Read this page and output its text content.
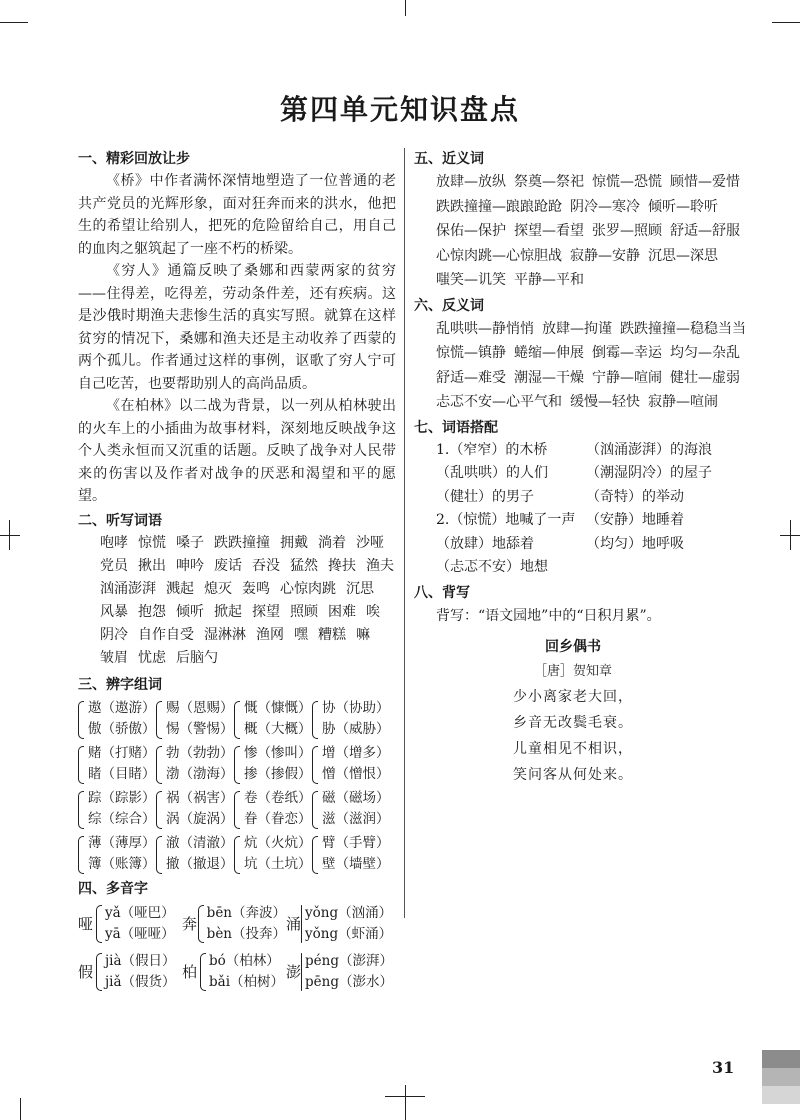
第四单元知识盘点
一、精彩回放让步

《桥》中作者满怀深情地塑造了一位普通的老共产党员的光辉形象，面对狂奔而来的洪水，他把生的希望让给别人，把死的危险留给自己，用自己的血肉之躯筑起了一座不朽的桥梁。

《穷人》通篇反映了桑娜和西蒙两家的贫穷——住得差，吃得差，劳动条件差，还有疾病。这是沙俄时期渔夫悲惨生活的真实写照。就算在这样贫穷的情况下，桑娜和渔夫还是主动收养了西蒙的两个孤儿。作者通过这样的事例，讴歌了穷人宁可自己吃苦，也要帮助别人的高尚品质。

《在柏林》以二战为背景，以一列从柏林驶出的火车上的小插曲为故事材料，深刻地反映战争这个人类永恒而又沉重的话题。反映了战争对人民带来的伤害以及作者对战争的厌恶和渴望和平的愿望。

二、听写词语
咆哮 惊慌 嗓子 跌跌撞撞 拥戴 淌着 沙哑
党员 揪出 呻吟 废话 吞没 猛然 搀扶 渔夫
汹涌澎湃 溅起 熄灭 轰鸣 心惊肉跳 沉思
风暴 抱怨 倾听 掀起 探望 照顾 困难 唉
阴冷 自作自受 湿淋淋 渔网 嘿 糟糕 嘛
皱眉 忧虑 后脑勺
三、辨字组词
遨（遨游）
傲（骄傲）
赐（恩赐）
惕（警惕）
慨（慷慨）
概（大概）
协（协助）
胁（威胁）
赌（打赌）
睹（目睹）
勃（勃勃）
渤（渤海）
惨（惨叫）
掺（掺假）
增（增多）
憎（憎恨）
踪（踪影）
综（综合）
祸（祸害）
涡（旋涡）
卷（卷纸）
眷（眷恋）
磁（磁场）
滋（滋润）
薄（薄厚）
簿（账簿）
澈（清澈）
撤（撤退）
炕（火炕）
坑（土坑）
臂（手臂）
壁（墙壁）
四、多音字
哑
yǎ（哑巴）
yā（哑哑）
奔
bēn（奔波）
bèn（投奔）
涌
yǒng（汹涌）
yǒng（虾涌）
假
jià（假日）
jiǎ（假货）
柏
bó（柏林）
bǎi（柏树）
澎
péng（澎湃）
pēng（澎水）
五、近义词
放肆—放纵 祭奠—祭祀 惊慌—恐慌 顾惜—爱惜
跌跌撞撞—踉踉跄跄 阴冷—寒冷 倾听—聆听
保佑—保护 探望—看望 张罗—照顾 舒适—舒服
心惊肉跳—心惊胆战 寂静—安静 沉思—深思
嗤笑—讥笑 平静—平和
六、反义词
乱哄哄—静悄悄 放肆—拘谨 跌跌撞撞—稳稳当当
惊慌—镇静 蜷缩—伸展 倒霉—幸运 均匀—杂乱
舒适—难受 潮湿—干燥 宁静—喧闹 健壮—虚弱
忐忑不安—心平气和 缓慢—轻快 寂静—喧闹
七、词语搭配
1.（窄窄）的木桥	（汹涌澎湃）的海浪
（乱哄哄）的人们	（潮湿阴冷）的屋子
（健壮）的男子	（奇特）的举动
2.（惊慌）地喊了一声 （安静）地睡着
（放肆）地舔着	（均匀）地呼吸
（忐忑不安）地想
八、背写
背写：“语文园地”中的“日积月累”。
回乡偶书
［唐］贺知章
少小离家老大回，
乡音无改鬓毛衰。
儿童相见不相识，
笑问客从何处来。
31
